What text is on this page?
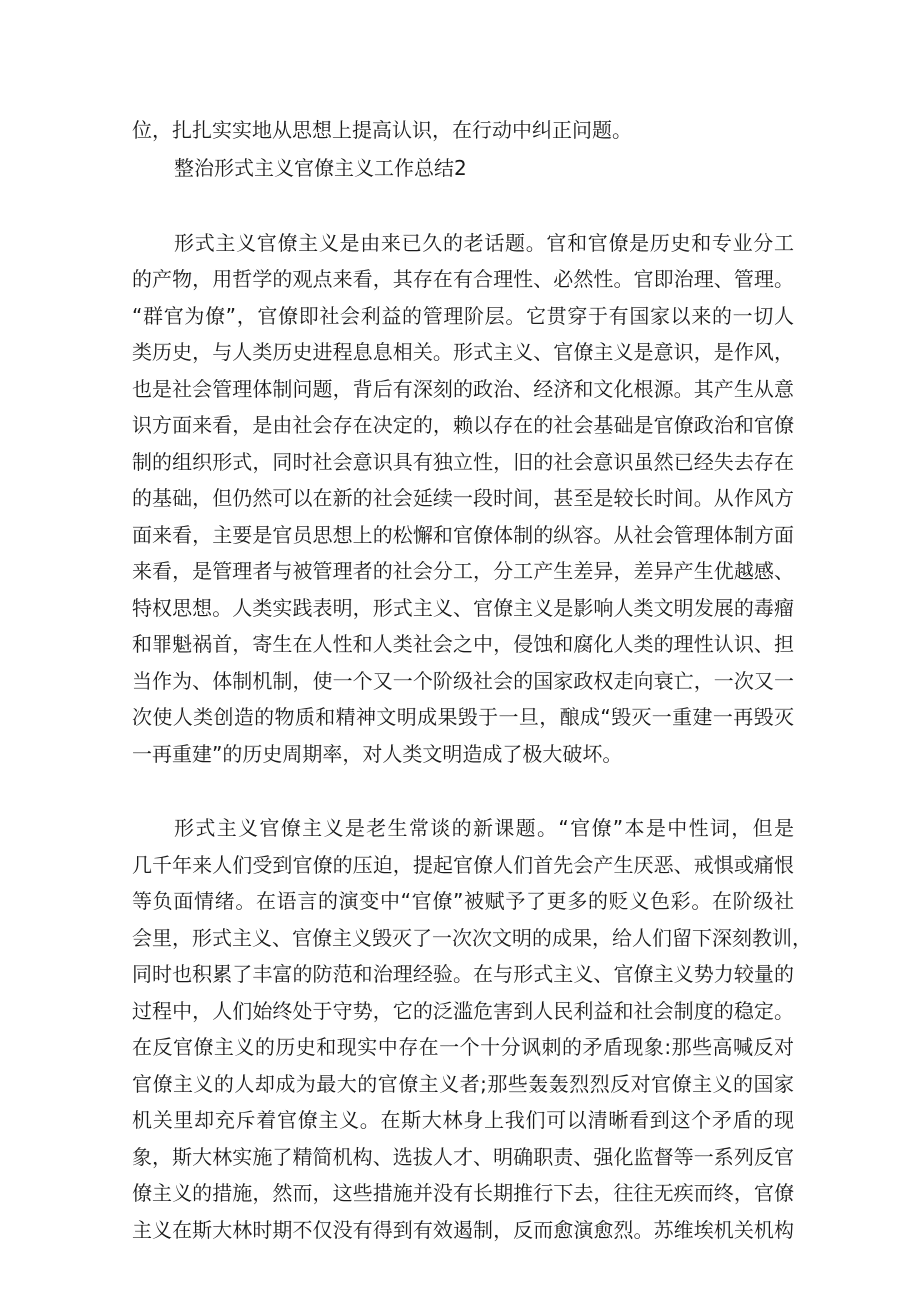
位，扎扎实实地从思想上提高认识，在行动中纠正问题。
整治形式主义官僚主义工作总结2
形式主义官僚主义是由来已久的老话题。官和官僚是历史和专业分工
的产物，用哲学的观点来看，其存在有合理性、必然性。官即治理、管理。
“群官为僚”，官僚即社会利益的管理阶层。它贯穿于有国家以来的一切人
类历史，与人类历史进程息息相关。形式主义、官僚主义是意识，是作风，
也是社会管理体制问题，背后有深刻的政治、经济和文化根源。其产生从意
识方面来看，是由社会存在决定的，赖以存在的社会基础是官僚政治和官僚
制的组织形式，同时社会意识具有独立性，旧的社会意识虽然已经失去存在
的基础，但仍然可以在新的社会延续一段时间，甚至是较长时间。从作风方
面来看，主要是官员思想上的松懈和官僚体制的纵容。从社会管理体制方面
来看，是管理者与被管理者的社会分工，分工产生差异，差异产生优越感、
特权思想。人类实践表明，形式主义、官僚主义是影响人类文明发展的毒瘤
和罪魁祸首，寄生在人性和人类社会之中，侵蚀和腐化人类的理性认识、担
当作为、体制机制，使一个又一个阶级社会的国家政权走向衰亡，一次又一
次使人类创造的物质和精神文明成果毁于一旦，酿成“毁灭一重建一再毁灭
一再重建”的历史周期率，对人类文明造成了极大破坏。
形式主义官僚主义是老生常谈的新课题。“官僚”本是中性词，但是
几千年来人们受到官僚的压迫，提起官僚人们首先会产生厌恶、戒惧或痛恨
等负面情绪。在语言的演变中“官僚”被赋予了更多的贬义色彩。在阶级社
会里，形式主义、官僚主义毁灭了一次次文明的成果，给人们留下深刻教训，
同时也积累了丰富的防范和治理经验。在与形式主义、官僚主义势力较量的
过程中，人们始终处于守势，它的泛滥危害到人民利益和社会制度的稳定。
在反官僚主义的历史和现实中存在一个十分讽刺的矛盾现象:那些高喊反对
官僚主义的人却成为最大的官僚主义者;那些轰轰烈烈反对官僚主义的国家
机关里却充斥着官僚主义。在斯大林身上我们可以清晰看到这个矛盾的现
象，斯大林实施了精简机构、选拔人才、明确职责、强化监督等一系列反官
僚主义的措施，然而，这些措施并没有长期推行下去，往往无疾而终，官僚
主义在斯大林时期不仅没有得到有效遏制，反而愈演愈烈。苏维埃机关机构
